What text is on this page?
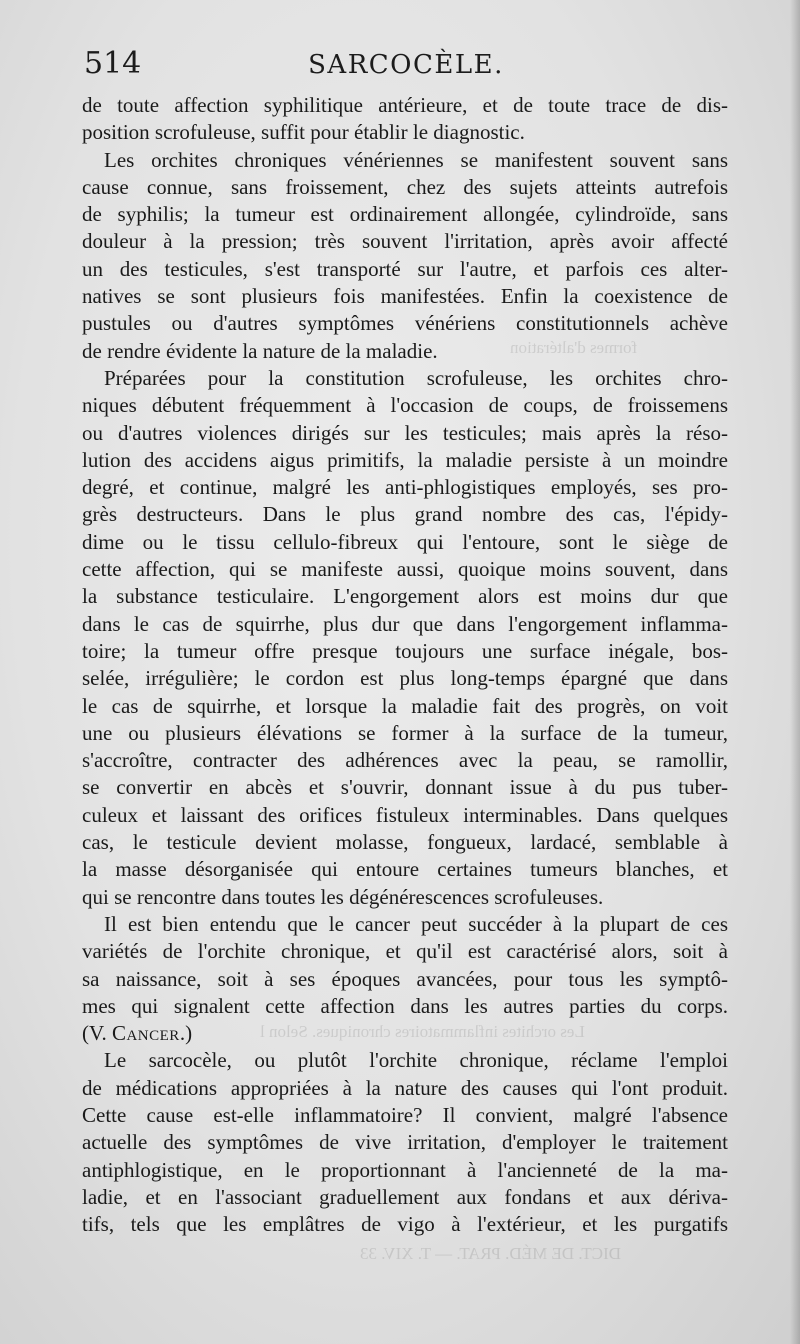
formes d'altération
Les orchites inflammatoires chroniques. Selon l
DICT. DE MÉD. PRAT. — T. XIV. 33
514	SARCOCÈLE.
de toute affection syphilitique antérieure, et de toute trace de dis-
position scrofuleuse, suffit pour établir le diagnostic.
Les orchites chroniques vénériennes se manifestent souvent sans
cause connue, sans froissement, chez des sujets atteints autrefois
de syphilis; la tumeur est ordinairement allongée, cylindroïde, sans
douleur à la pression; très souvent l'irritation, après avoir affecté
un des testicules, s'est transporté sur l'autre, et parfois ces alter-
natives se sont plusieurs fois manifestées. Enfin la coexistence de
pustules ou d'autres symptômes vénériens constitutionnels achève
de rendre évidente la nature de la maladie.
Préparées pour la constitution scrofuleuse, les orchites chro-
niques débutent fréquemment à l'occasion de coups, de froissemens
ou d'autres violences dirigés sur les testicules; mais après la réso-
lution des accidens aigus primitifs, la maladie persiste à un moindre
degré, et continue, malgré les anti-phlogistiques employés, ses pro-
grès destructeurs. Dans le plus grand nombre des cas, l'épidy-
dime ou le tissu cellulo-fibreux qui l'entoure, sont le siège de
cette affection, qui se manifeste aussi, quoique moins souvent, dans
la substance testiculaire. L'engorgement alors est moins dur que
dans le cas de squirrhe, plus dur que dans l'engorgement inflamma-
toire; la tumeur offre presque toujours une surface inégale, bos-
selée, irrégulière; le cordon est plus long-temps épargné que dans
le cas de squirrhe, et lorsque la maladie fait des progrès, on voit
une ou plusieurs élévations se former à la surface de la tumeur,
s'accroître, contracter des adhérences avec la peau, se ramollir,
se convertir en abcès et s'ouvrir, donnant issue à du pus tuber-
culeux et laissant des orifices fistuleux interminables. Dans quelques
cas, le testicule devient molasse, fongueux, lardacé, semblable à
la masse désorganisée qui entoure certaines tumeurs blanches, et
qui se rencontre dans toutes les dégénérescences scrofuleuses.
Il est bien entendu que le cancer peut succéder à la plupart de ces
variétés de l'orchite chronique, et qu'il est caractérisé alors, soit à
sa naissance, soit à ses époques avancées, pour tous les symptô-
mes qui signalent cette affection dans les autres parties du corps.
(V. Cancer.)
Le sarcocèle, ou plutôt l'orchite chronique, réclame l'emploi
de médications appropriées à la nature des causes qui l'ont produit.
Cette cause est-elle inflammatoire? Il convient, malgré l'absence
actuelle des symptômes de vive irritation, d'employer le traitement
antiphlogistique, en le proportionnant à l'ancienneté de la ma-
ladie, et en l'associant graduellement aux fondans et aux dériva-
tifs, tels que les emplâtres de vigo à l'extérieur, et les purgatifs
